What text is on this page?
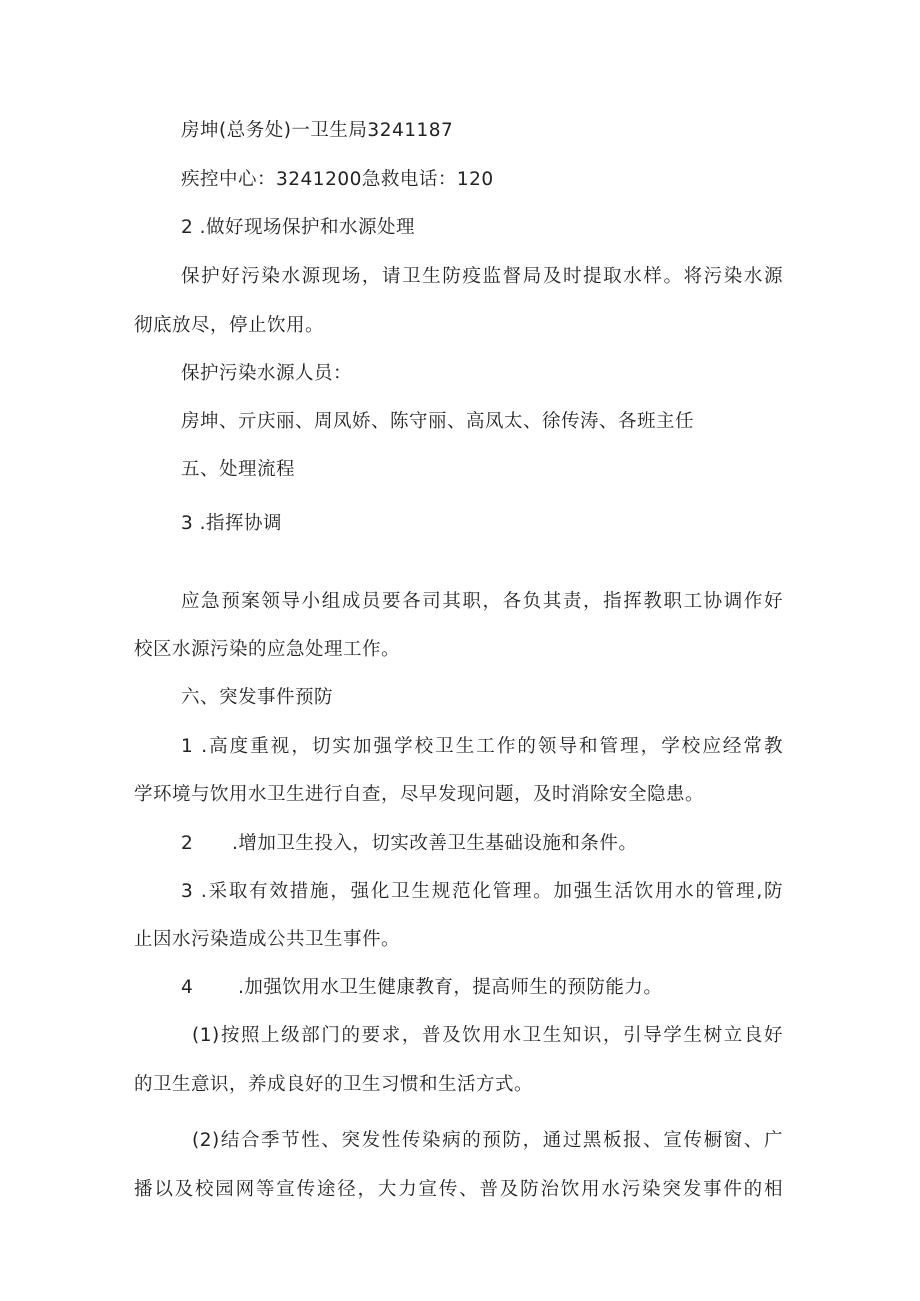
房坤(总务处)一卫生局3241187
疾控中心：3241200急救电话：120
2 .做好现场保护和水源处理
保护好污染水源现场，请卫生防疫监督局及时提取水样。将污染水源
彻底放尽，停止饮用。
保护污染水源人员：
房坤、亓庆丽、周凤娇、陈守丽、高凤太、徐传涛、各班主任
五、处理流程
3 .指挥协调
应急预案领导小组成员要各司其职，各负其责，指挥教职工协调作好
校区水源污染的应急处理工作。
六、突发事件预防
1 .高度重视，切实加强学校卫生工作的领导和管理，学校应经常教
学环境与饮用水卫生进行自查，尽早发现问题，及时消除安全隐患。
2 .增加卫生投入，切实改善卫生基础设施和条件。
3 .采取有效措施，强化卫生规范化管理。加强生活饮用水的管理,防
止因水污染造成公共卫生事件。
4 .加强饮用水卫生健康教育，提高师生的预防能力。
(1)按照上级部门的要求，普及饮用水卫生知识，引导学生树立良好
的卫生意识，养成良好的卫生习惯和生活方式。
(2)结合季节性、突发性传染病的预防，通过黑板报、宣传橱窗、广
播以及校园网等宣传途径，大力宣传、普及防治饮用水污染突发事件的相
